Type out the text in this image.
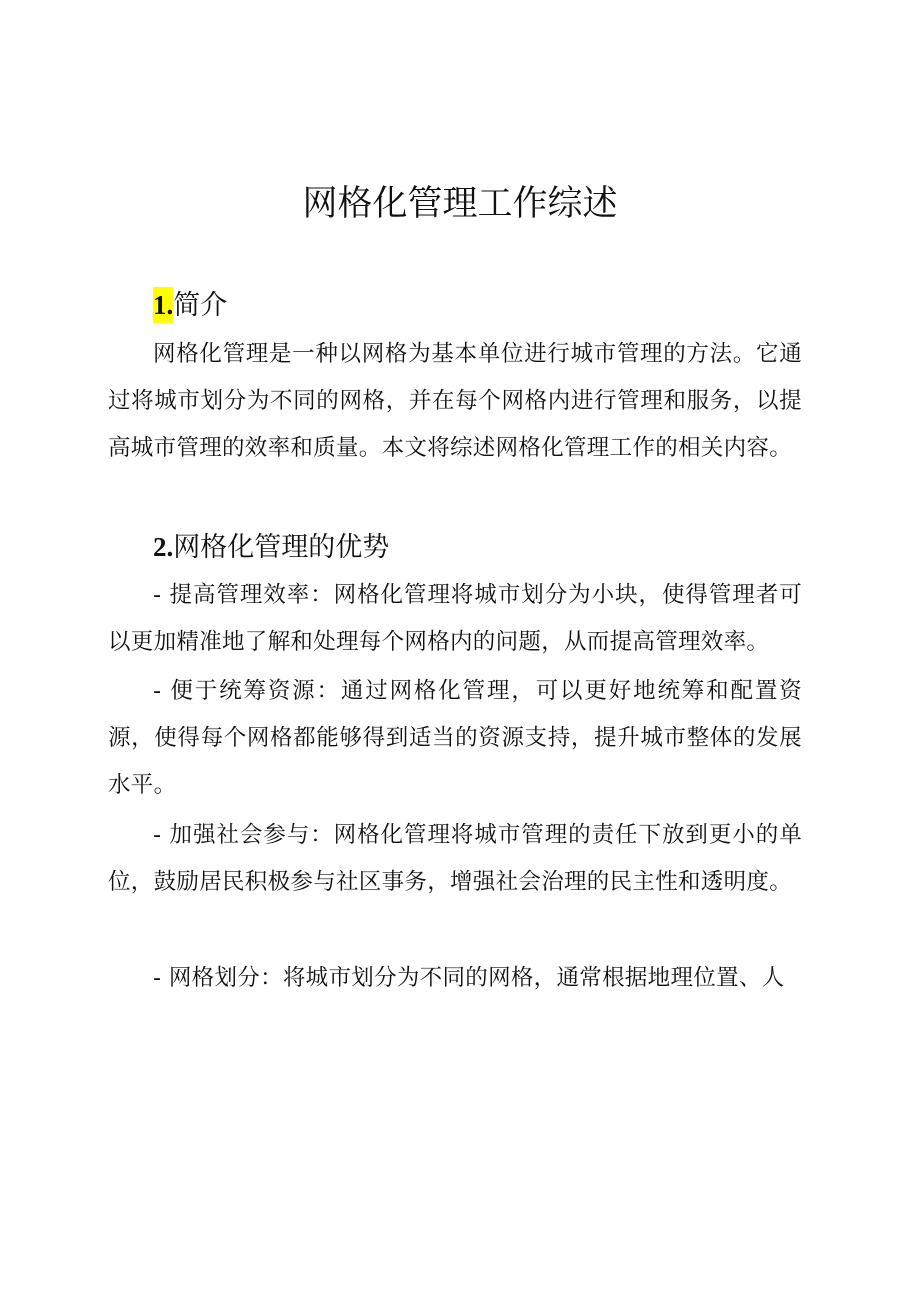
网格化管理工作综述
1.简介

网格化管理是一种以网格为基本单位进行城市管理的方法。它通过将城市划分为不同的网格，并在每个网格内进行管理和服务，以提高城市管理的效率和质量。本文将综述网格化管理工作的相关内容。

2.网格化管理的优势

- 提高管理效率：网格化管理将城市划分为小块，使得管理者可以更加精准地了解和处理每个网格内的问题，从而提高管理效率。

- 便于统筹资源：通过网格化管理，可以更好地统筹和配置资源，使得每个网格都能够得到适当的资源支持，提升城市整体的发展水平。

- 加强社会参与：网格化管理将城市管理的责任下放到更小的单位，鼓励居民积极参与社区事务，增强社会治理的民主性和透明度。

- 网格划分：将城市划分为不同的网格，通常根据地理位置、人
